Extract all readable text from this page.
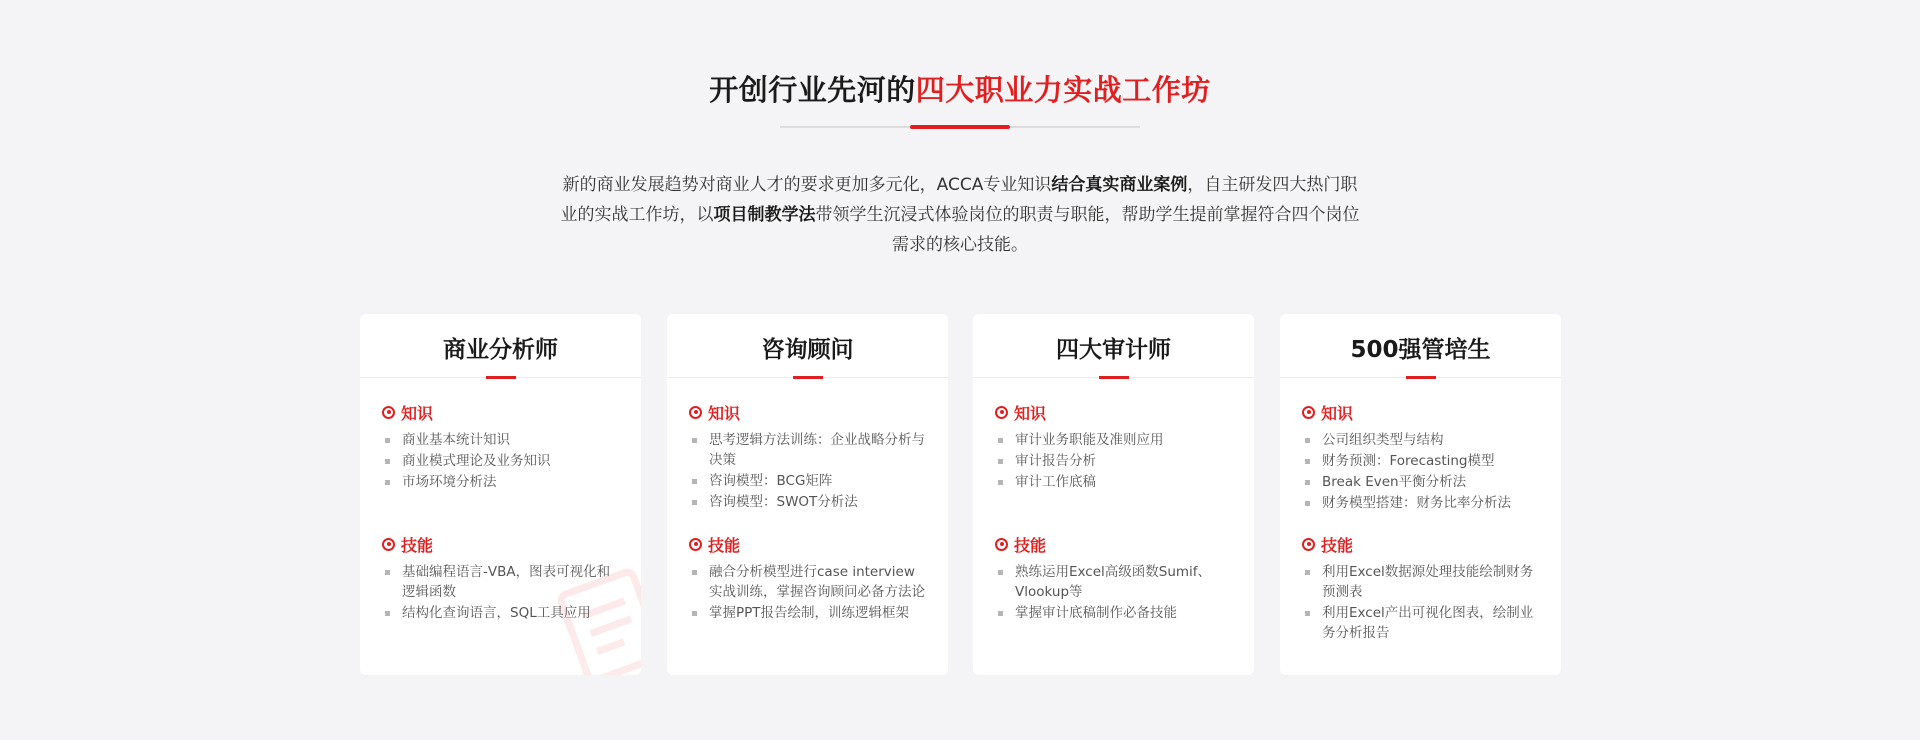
开创行业先河的四大职业力实战工作坊
新的商业发展趋势对商业人才的要求更加多元化，ACCA专业知识结合真实商业案例，自主研发四大热门职业的实战工作坊，以项目制教学法带领学生沉浸式体验岗位的职责与职能，帮助学生提前掌握符合四个岗位需求的核心技能。
商业分析师
知识
商业基本统计知识
商业模式理论及业务知识
市场环境分析法
技能
基础编程语言-VBA，图表可视化和逻辑函数
结构化查询语言，SQL工具应用
咨询顾问
知识
思考逻辑方法训练：企业战略分析与决策
咨询模型：BCG矩阵
咨询模型：SWOT分析法
技能
融合分析模型进行case interview实战训练，掌握咨询顾问必备方法论
掌握PPT报告绘制，训练逻辑框架
四大审计师
知识
审计业务职能及准则应用
审计报告分析
审计工作底稿
技能
熟练运用Excel高级函数Sumif、Vlookup等
掌握审计底稿制作必备技能
500强管培生
知识
公司组织类型与结构
财务预测：Forecasting模型
Break Even平衡分析法
财务模型搭建：财务比率分析法
技能
利用Excel数据源处理技能绘制财务预测表
利用Excel产出可视化图表，绘制业务分析报告
